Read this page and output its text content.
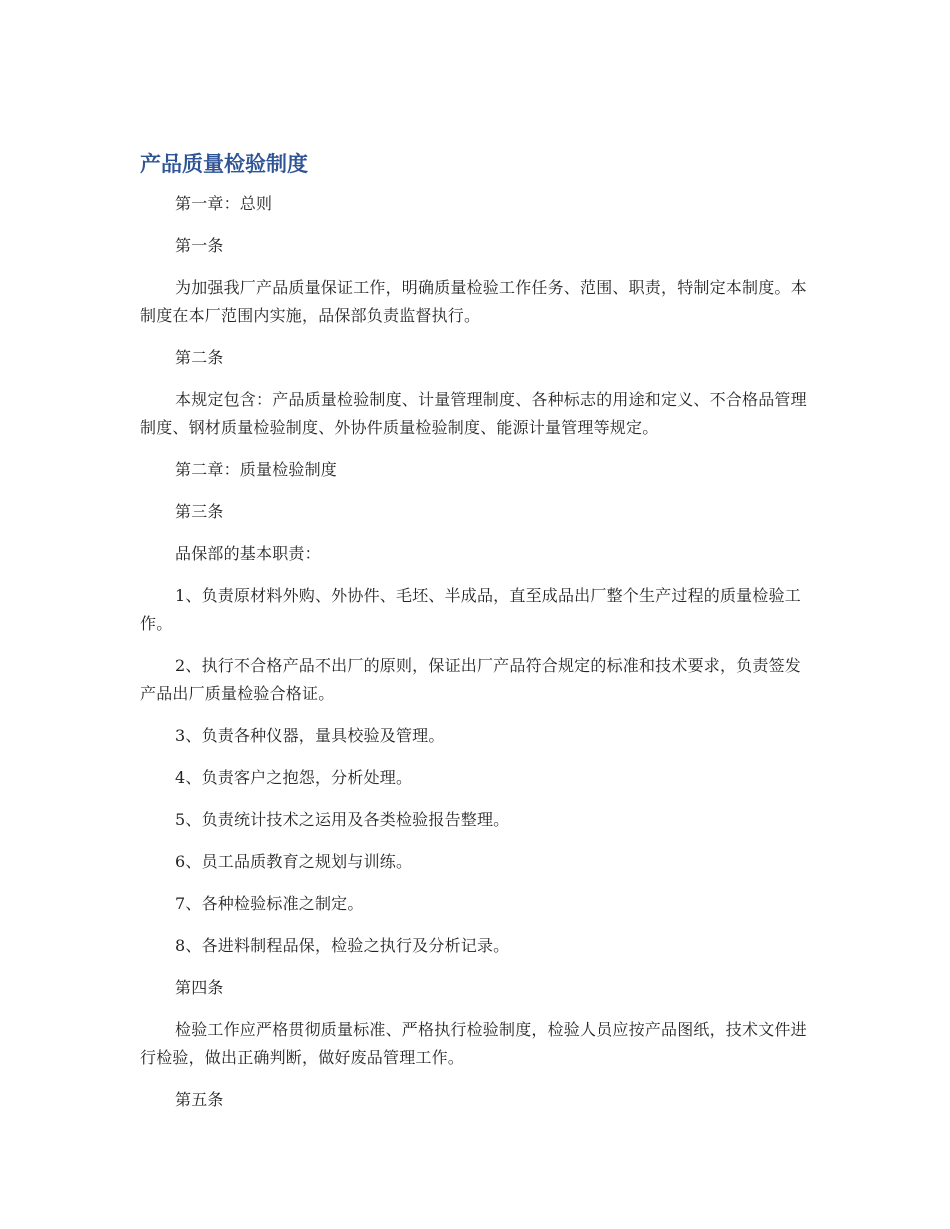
产品质量检验制度

第一章：总则

第一条

为加强我厂产品质量保证工作，明确质量检验工作任务、范围、职责，特制定本制度。本制度在本厂范围内实施，品保部负责监督执行。

第二条

本规定包含：产品质量检验制度、计量管理制度、各种标志的用途和定义、不合格品管理制度、钢材质量检验制度、外协件质量检验制度、能源计量管理等规定。

第二章：质量检验制度

第三条

品保部的基本职责：

1、负责原材料外购、外协件、毛坯、半成品，直至成品出厂整个生产过程的质量检验工作。

2、执行不合格产品不出厂的原则，保证出厂产品符合规定的标准和技术要求，负责签发产品出厂质量检验合格证。

3、负责各种仪器，量具校验及管理。

4、负责客户之抱怨，分析处理。

5、负责统计技术之运用及各类检验报告整理。

6、员工品质教育之规划与训练。

7、各种检验标准之制定。

8、各进料制程品保，检验之执行及分析记录。

第四条

检验工作应严格贯彻质量标准、严格执行检验制度，检验人员应按产品图纸，技术文件进行检验，做出正确判断，做好废品管理工作。

第五条
